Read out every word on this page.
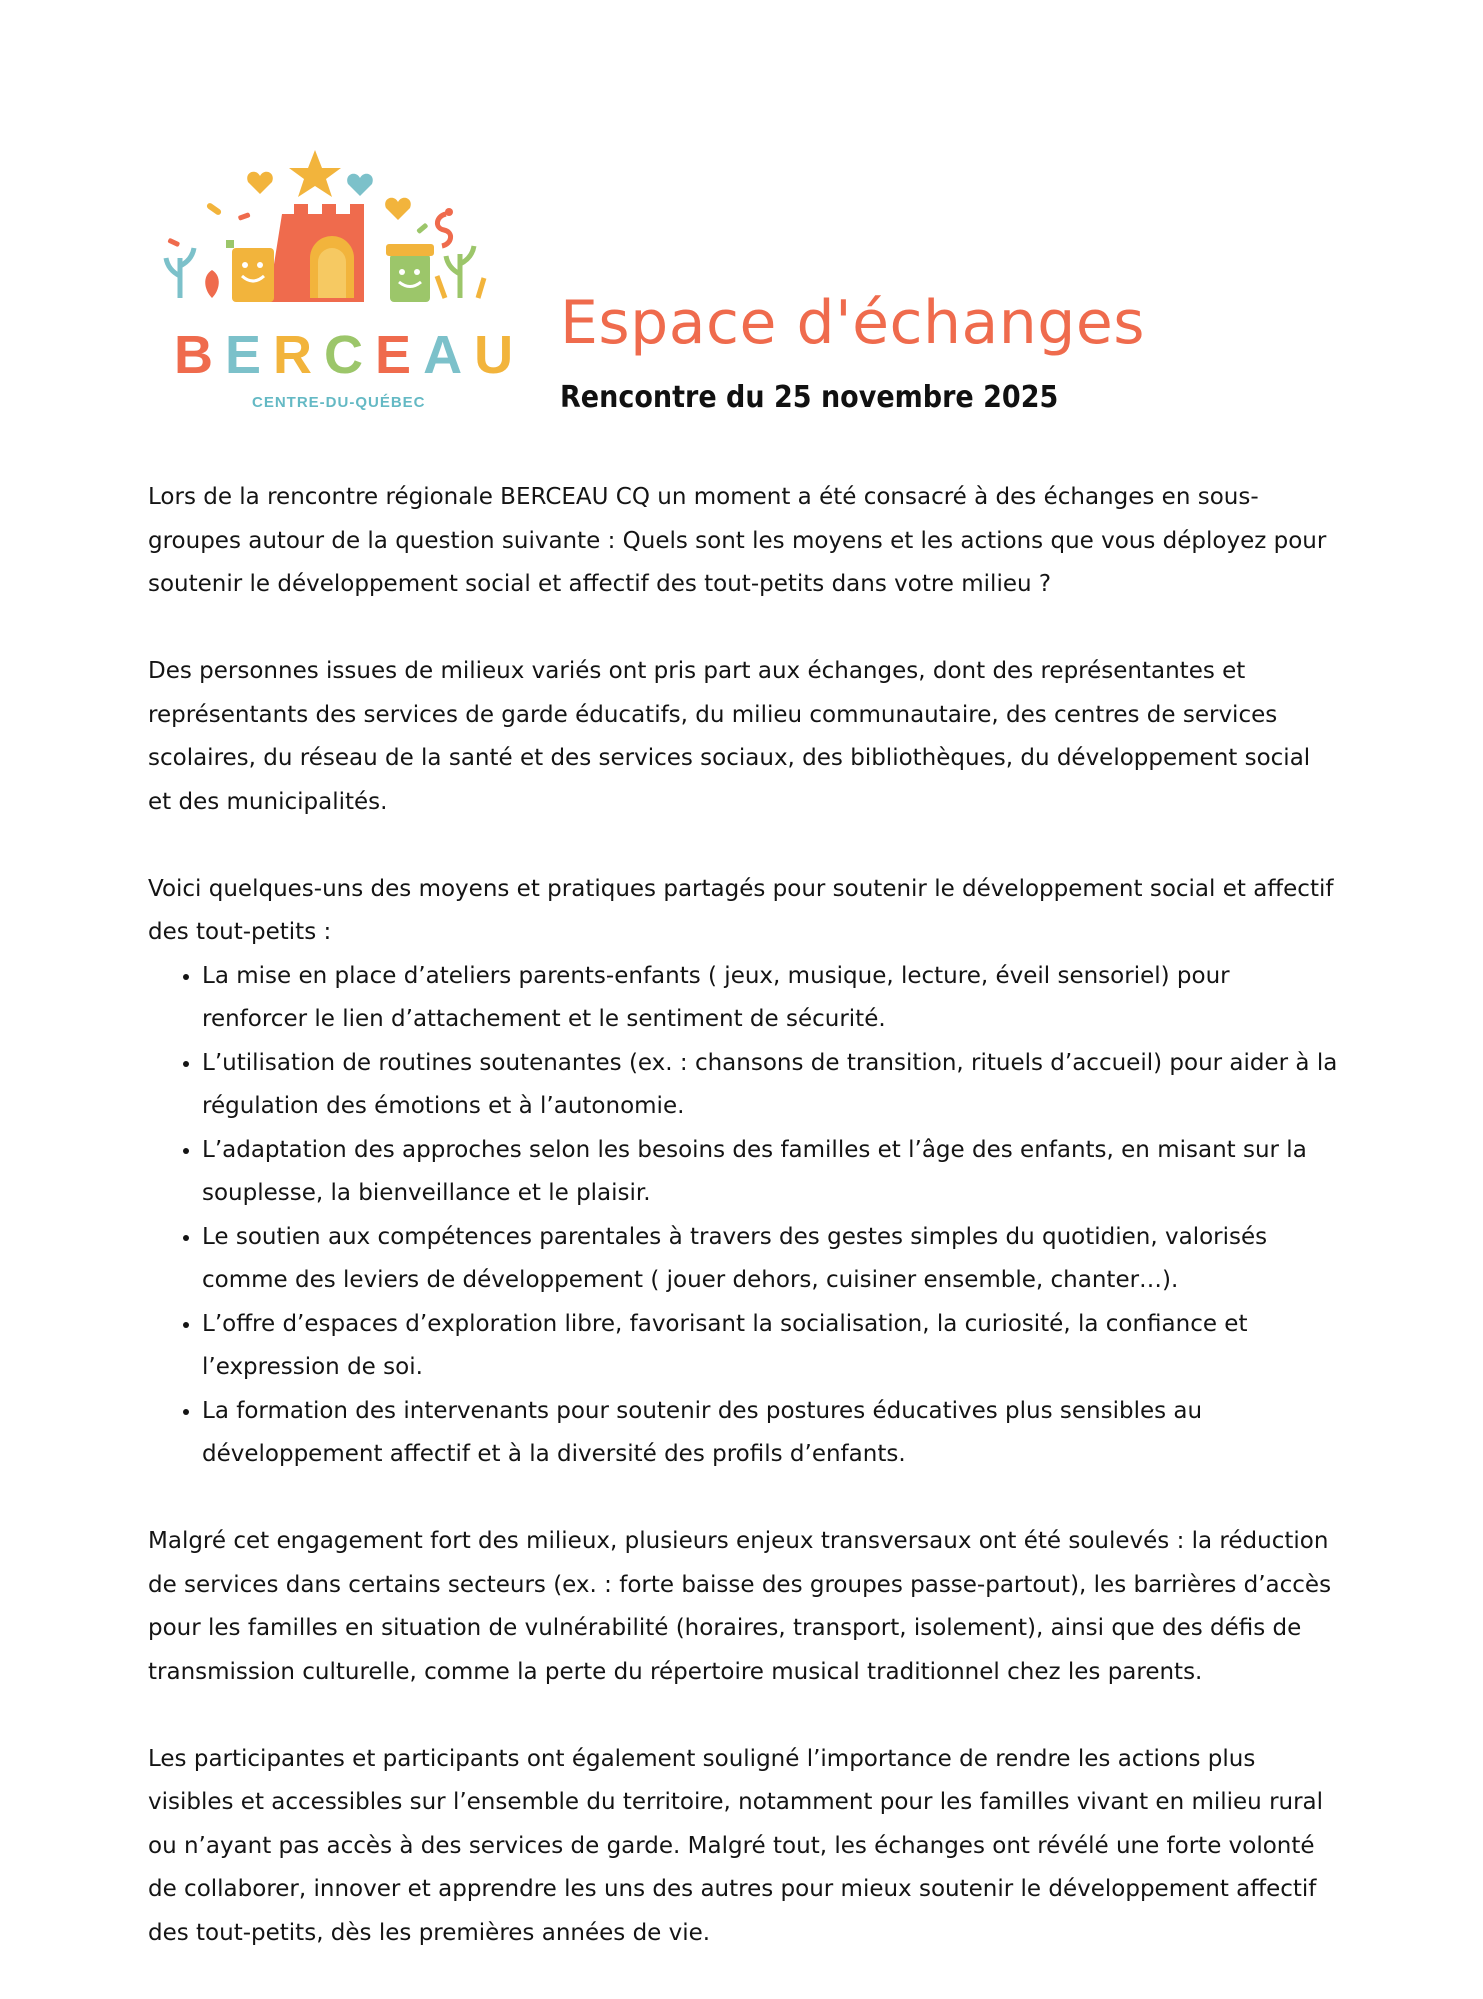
BERCEAU
CENTRE-DU-QUÉBEC
Espace d'échanges
Rencontre du 25 novembre 2025

Lors de la rencontre régionale BERCEAU CQ un moment a été consacré à des échanges en sous-groupes autour de la question suivante : Quels sont les moyens et les actions que vous déployez pour soutenir le développement social et affectif des tout-petits dans votre milieu ?

Des personnes issues de milieux variés ont pris part aux échanges, dont des représentantes et représentants des services de garde éducatifs, du milieu communautaire, des centres de services scolaires, du réseau de la santé et des services sociaux, des bibliothèques, du développement social et des municipalités.

Voici quelques-uns des moyens et pratiques partagés pour soutenir le développement social et affectif des tout-petits :

• La mise en place d’ateliers parents-enfants ( jeux, musique, lecture, éveil sensoriel) pour renforcer le lien d’attachement et le sentiment de sécurité.
• L’utilisation de routines soutenantes (ex. : chansons de transition, rituels d’accueil) pour aider à la régulation des émotions et à l’autonomie.
• L’adaptation des approches selon les besoins des familles et l’âge des enfants, en misant sur la souplesse, la bienveillance et le plaisir.
• Le soutien aux compétences parentales à travers des gestes simples du quotidien, valorisés comme des leviers de développement ( jouer dehors, cuisiner ensemble, chanter…).
• L’offre d’espaces d’exploration libre, favorisant la socialisation, la curiosité, la confiance et l’expression de soi.
• La formation des intervenants pour soutenir des postures éducatives plus sensibles au développement affectif et à la diversité des profils d’enfants.

Malgré cet engagement fort des milieux, plusieurs enjeux transversaux ont été soulevés : la réduction de services dans certains secteurs (ex. : forte baisse des groupes passe-partout), les barrières d’accès pour les familles en situation de vulnérabilité (horaires, transport, isolement), ainsi que des défis de transmission culturelle, comme la perte du répertoire musical traditionnel chez les parents.

Les participantes et participants ont également souligné l’importance de rendre les actions plus visibles et accessibles sur l’ensemble du territoire, notamment pour les familles vivant en milieu rural ou n’ayant pas accès à des services de garde. Malgré tout, les échanges ont révélé une forte volonté de collaborer, innover et apprendre les uns des autres pour mieux soutenir le développement affectif des tout-petits, dès les premières années de vie.
